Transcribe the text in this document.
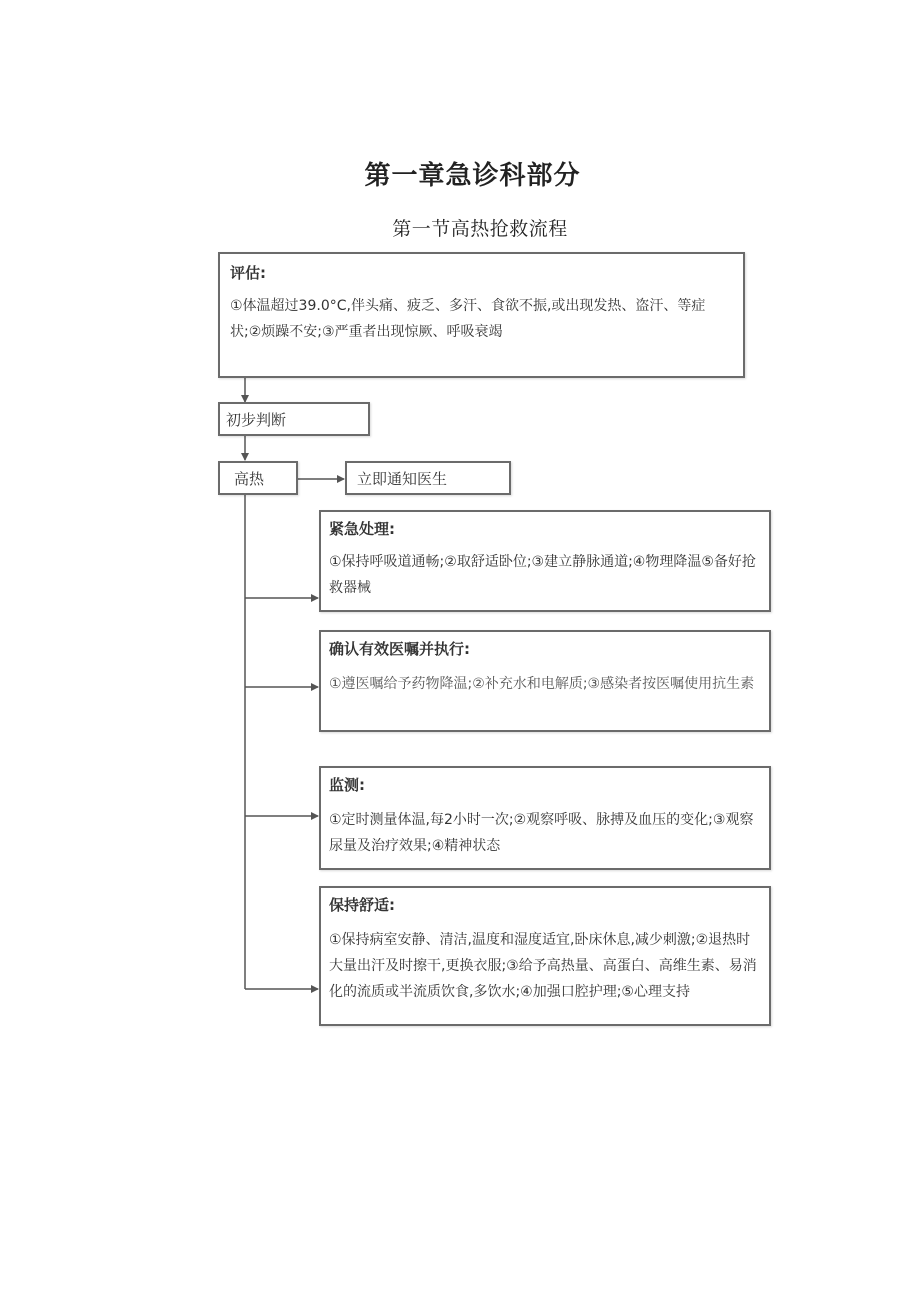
第一章急诊科部分
第一节高热抢救流程
评估:
①体温超过39.0°C,伴头痛、疲乏、多汗、食欲不振,或出现发热、盗汗、等症状;②烦躁不安;③严重者出现惊厥、呼吸衰竭
初步判断
高热	立即通知医生
紧急处理:
①保持呼吸道通畅;②取舒适卧位;③建立静脉通道;④物理降温⑤备好抢救器械
确认有效医嘱并执行:
①遵医嘱给予药物降温;②补充水和电解质;③感染者按医嘱使用抗生素
监测:
①定时测量体温,每2小时一次;②观察呼吸、脉搏及血压的变化;③观察尿量及治疗效果;④精神状态
保持舒适:
①保持病室安静、清洁,温度和湿度适宜,卧床休息,减少刺激;②退热时大量出汗及时擦干,更换衣服;③给予高热量、高蛋白、高维生素、易消化的流质或半流质饮食,多饮水;④加强口腔护理;⑤心理支持
